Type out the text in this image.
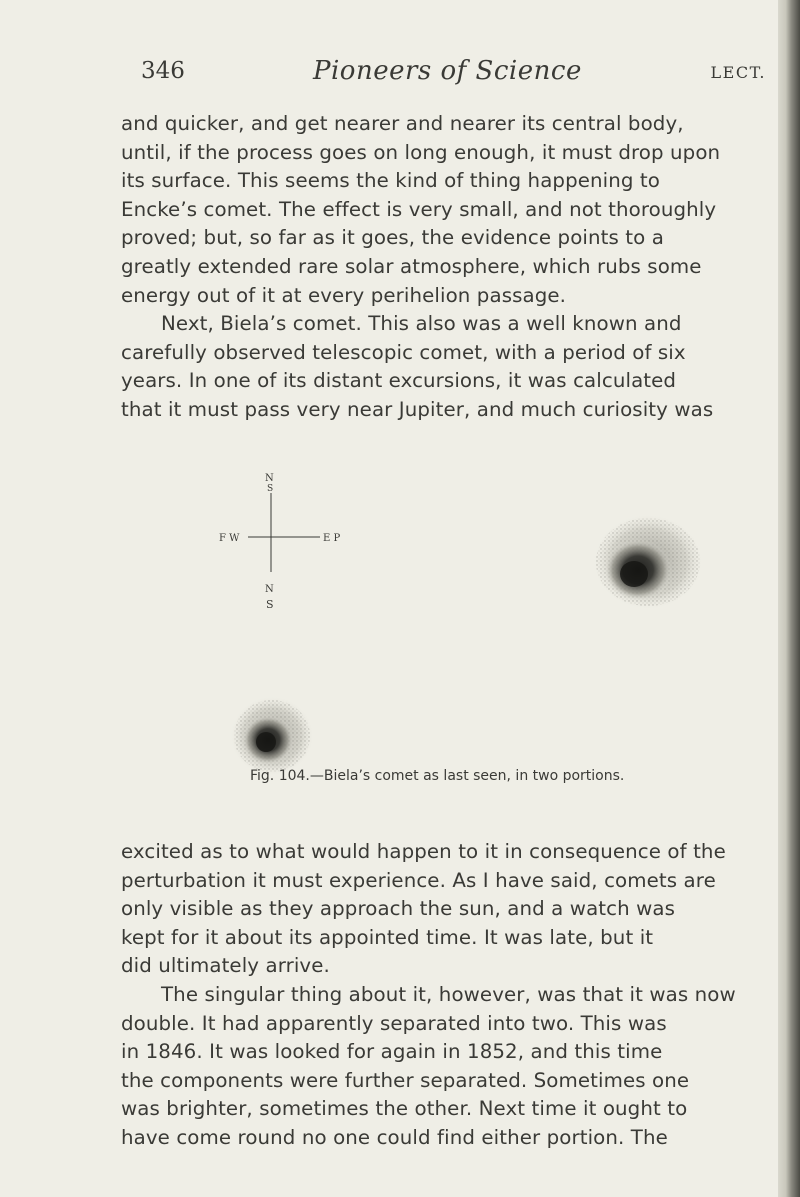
346	Pioneers of Science	LECT.
and quicker, and get nearer and nearer its central body,
until, if the process goes on long enough, it must drop upon
its surface. This seems the kind of thing happening to
Encke’s comet. The effect is very small, and not thoroughly
proved; but, so far as it goes, the evidence points to a
greatly extended rare solar atmosphere, which rubs some
energy out of it at every perihelion passage.
Next, Biela’s comet. This also was a well known and
carefully observed telescopic comet, with a period of six
years. In one of its distant excursions, it was calculated
that it must pass very near Jupiter, and much curiosity was
N
S
F W	E P
N
S
Fig. 104.—Biela’s comet as last seen, in two portions.
excited as to what would happen to it in consequence of the
perturbation it must experience. As I have said, comets are
only visible as they approach the sun, and a watch was
kept for it about its appointed time. It was late, but it
did ultimately arrive.
The singular thing about it, however, was that it was now
double. It had apparently separated into two. This was
in 1846. It was looked for again in 1852, and this time
the components were further separated. Sometimes one
was brighter, sometimes the other. Next time it ought to
have come round no one could find either portion. The
